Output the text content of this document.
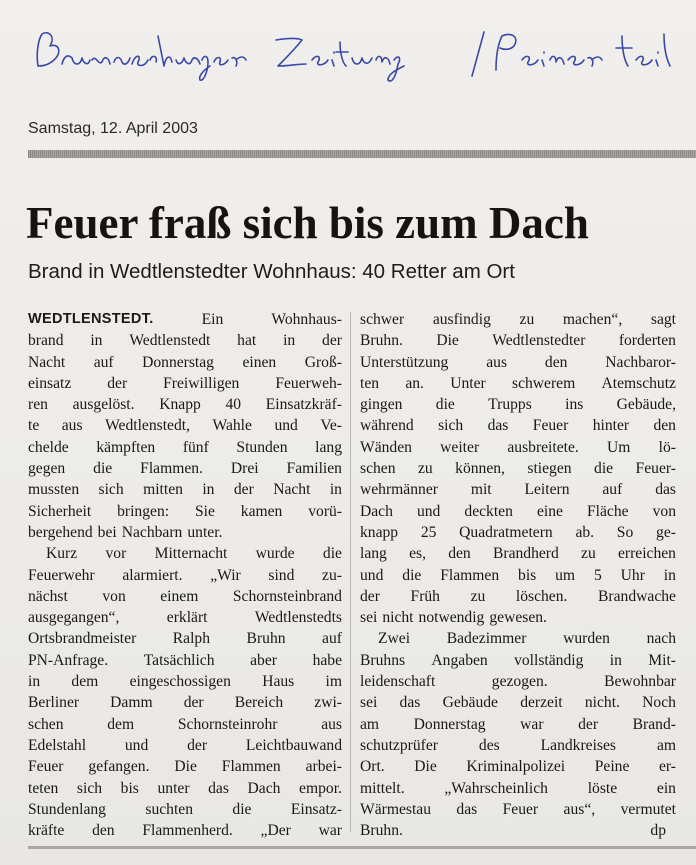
Samstag, 12. April 2003
Feuer fraß sich bis zum Dach
Brand in Wedtlenstedter Wohnhaus: 40 Retter am Ort
WEDTLENSTEDT.	Ein	Wohnhaus-
brand in Wedtlenstedt hat in der
Nacht auf Donnerstag einen Groß-
einsatz der Freiwilligen Feuerweh-
ren ausgelöst. Knapp 40 Einsatzkräf-
te aus Wedtlenstedt, Wahle und Ve-
chelde kämpften fünf Stunden lang
gegen die Flammen. Drei Familien
mussten sich mitten in der Nacht in
Sicherheit bringen: Sie kamen vorü-
bergehend bei Nachbarn unter.
Kurz vor Mitternacht wurde die
Feuerwehr alarmiert. „Wir sind zu-
nächst von einem Schornsteinbrand
ausgegangen“,	erklärt	Wedtlenstedts
Ortsbrandmeister Ralph Bruhn auf
PN-Anfrage. Tatsächlich aber habe
in dem eingeschossigen Haus im
Berliner Damm der Bereich zwi-
schen	dem	Schornsteinrohr	aus
Edelstahl und der Leichtbauwand
Feuer gefangen. Die Flammen arbei-
teten sich bis unter das Dach empor.
Stundenlang	suchten	die	Einsatz-
kräfte den Flammenherd. „Der war
schwer ausfindig zu machen“, sagt
Bruhn. Die Wedtlenstedter forderten
Unterstützung aus den Nachbaror-
ten an. Unter schwerem Atemschutz
gingen die Trupps ins Gebäude,
während sich das Feuer hinter den
Wänden weiter ausbreitete. Um lö-
schen zu können, stiegen die Feuer-
wehrmänner mit Leitern auf das
Dach und deckten eine Fläche von
knapp 25 Quadratmetern ab. So ge-
lang es, den Brandherd zu erreichen
und die Flammen bis um 5 Uhr in
der Früh zu löschen. Brandwache
sei nicht notwendig gewesen.
Zwei Badezimmer wurden nach
Bruhns Angaben vollständig in Mit-
leidenschaft	gezogen.	Bewohnbar
sei das Gebäude derzeit nicht. Noch
am Donnerstag war der Brand-
schutzprüfer	des	Landkreises	am
Ort. Die Kriminalpolizei Peine er-
mittelt.	„Wahrscheinlich	löste	ein
Wärmestau das Feuer aus“, vermutet
Bruhn.	dp
